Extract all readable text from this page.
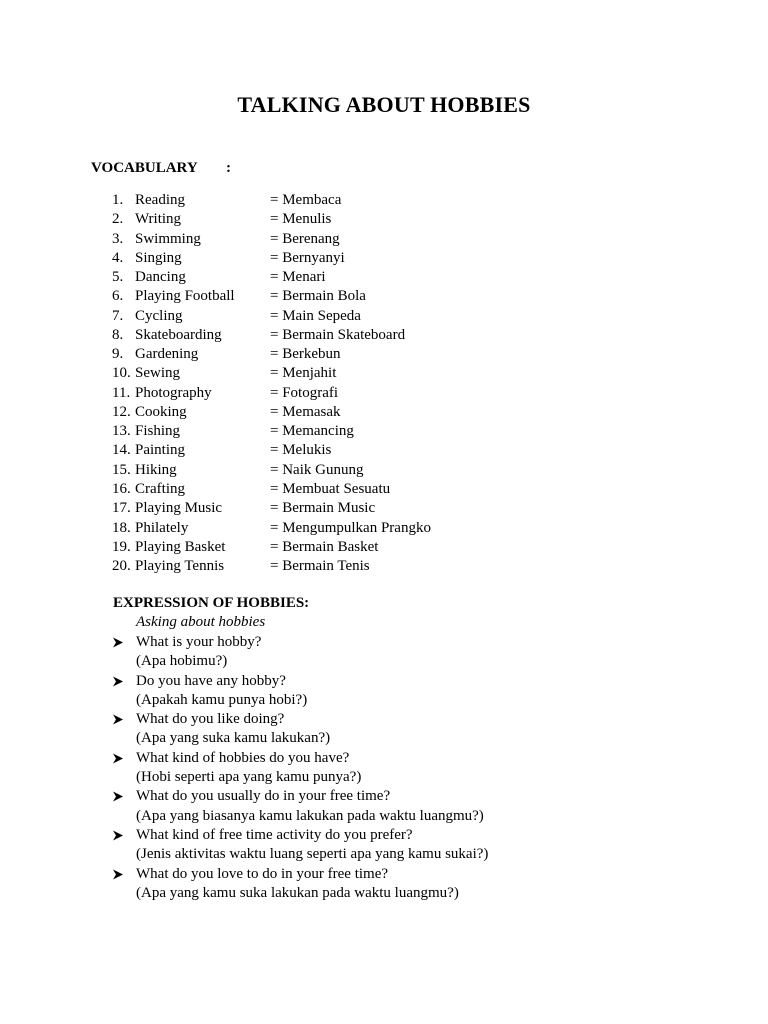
TALKING ABOUT HOBBIES
VOCABULARY :
1. Reading	= Membaca
2. Writing	= Menulis
3. Swimming	= Berenang
4. Singing	= Bernyanyi
5. Dancing	= Menari
6. Playing Football = Bermain Bola
7. Cycling	= Main Sepeda
8. Skateboarding	= Bermain Skateboard
9. Gardening	= Berkebun
10. Sewing	= Menjahit
11. Photography	= Fotografi
12. Cooking	= Memasak
13. Fishing	= Memancing
14. Painting	= Melukis
15. Hiking	= Naik Gunung
16. Crafting	= Membuat Sesuatu
17. Playing Music	= Bermain Music
18. Philately	= Mengumpulkan Prangko
19. Playing Basket	= Bermain Basket
20. Playing Tennis	= Bermain Tenis
EXPRESSION OF HOBBIES:
Asking about hobbies
What is your hobby?
(Apa hobimu?)
Do you have any hobby?
(Apakah kamu punya hobi?)
What do you like doing?
(Apa yang suka kamu lakukan?)
What kind of hobbies do you have?
(Hobi seperti apa yang kamu punya?)
What do you usually do in your free time?
(Apa yang biasanya kamu lakukan pada waktu luangmu?)
What kind of free time activity do you prefer?
(Jenis aktivitas waktu luang seperti apa yang kamu sukai?)
What do you love to do in your free time?
(Apa yang kamu suka lakukan pada waktu luangmu?)
